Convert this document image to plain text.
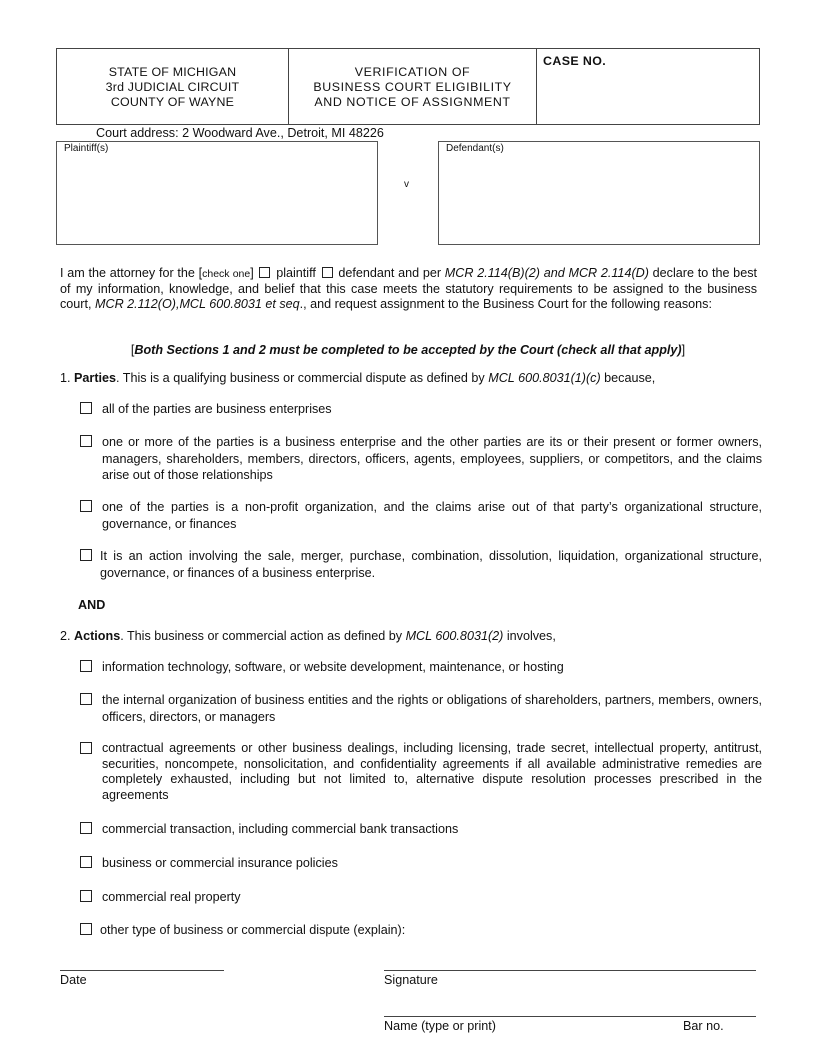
STATE OF MICHIGAN
3rd JUDICIAL CIRCUIT
COUNTY OF WAYNE
VERIFICATION OF
BUSINESS COURT ELIGIBILITY
AND NOTICE OF ASSIGNMENT
CASE NO.
Court address: 2 Woodward Ave., Detroit, MI 48226
Plaintiff(s)
v
Defendant(s)
I am the attorney for the [check one] plaintiff defendant and per MCR 2.114(B)(2) and MCR 2.114(D) declare to the best of my information, knowledge, and belief that this case meets the statutory requirements to be assigned to the business court, MCR 2.112(O),MCL 600.8031 et seq., and request assignment to the Business Court for the following reasons:
[Both Sections 1 and 2 must be completed to be accepted by the Court (check all that apply)]
1. Parties. This is a qualifying business or commercial dispute as defined by MCL 600.8031(1)(c) because,
all of the parties are business enterprises
one or more of the parties is a business enterprise and the other parties are its or their present or former owners, managers, shareholders, members, directors, officers, agents, employees, suppliers, or competitors, and the claims arise out of those relationships
one of the parties is a non-profit organization, and the claims arise out of that party’s organizational structure, governance, or finances
It is an action involving the sale, merger, purchase, combination, dissolution, liquidation, organizational structure, governance, or finances of a business enterprise.
AND
2. Actions. This business or commercial action as defined by MCL 600.8031(2) involves,
information technology, software, or website development, maintenance, or hosting
the internal organization of business entities and the rights or obligations of shareholders, partners, members, owners, officers, directors, or managers
contractual agreements or other business dealings, including licensing, trade secret, intellectual property, antitrust, securities, noncompete, nonsolicitation, and confidentiality agreements if all available administrative remedies are completely exhausted, including but not limited to, alternative dispute resolution processes prescribed in the agreements
commercial transaction, including commercial bank transactions
business or commercial insurance policies
commercial real property
other type of business or commercial dispute (explain):
Date	Signature
Name (type or print)	Bar no.
